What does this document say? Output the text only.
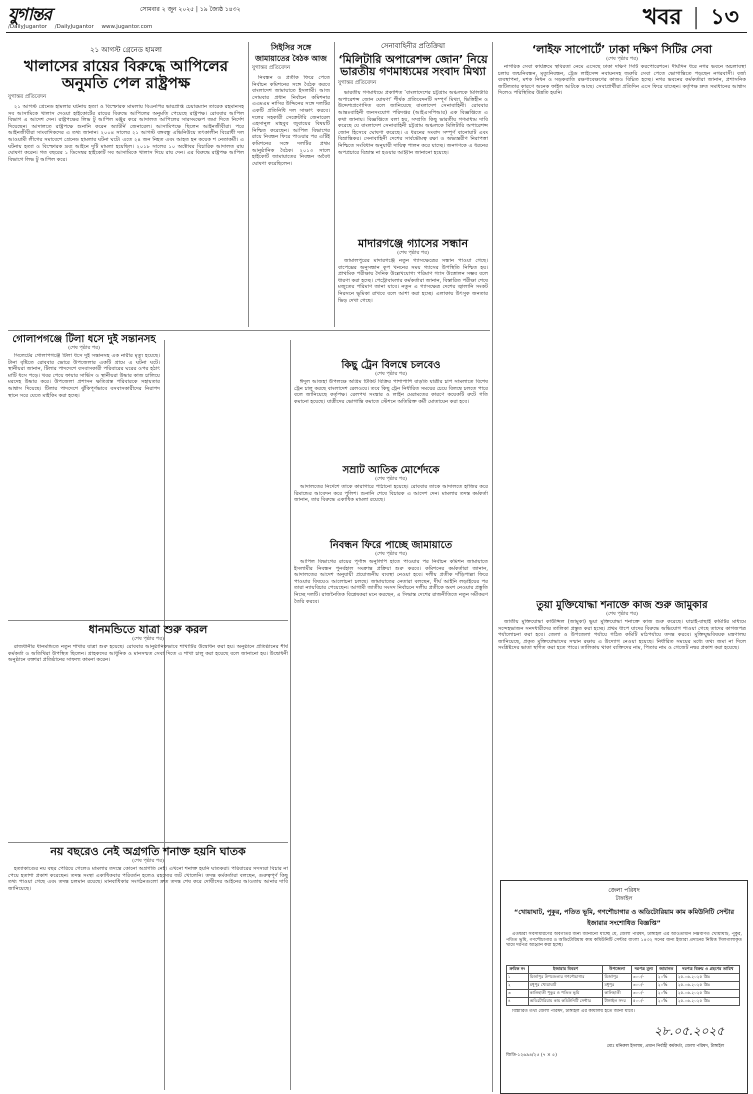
যুগান্তর	সোমবার ২ জুন ২০২৫ | ১৯ জ্যৈষ্ঠ ১৪৩২
/DailyJugantor /DailyJugantor www.jugantor.com	খবর | ১৩
২১ আগস্ট গ্রেনেড হামলা
খালাসের রায়ের বিরুদ্ধে আপিলের অনুমতি পেল রাষ্ট্রপক্ষ
যুগান্তর প্রতিবেদন

২১ আগস্ট গ্রেনেড হামলার ঘটনায় হত্যা ও বিস্ফোরক মামলায় বিএনপির ভারপ্রাপ্ত চেয়ারম্যান তারেক রহমানসহ সব আসামিকে খালাস দেওয়া হাইকোর্টের রায়ের বিরুদ্ধে আপিলের অনুমতি পেয়েছে রাষ্ট্রপক্ষ। রোববার আপিল বিভাগ এ আদেশ দেন। রাষ্ট্রপক্ষের লিভ টু আপিল মঞ্জুর করে আদালত আপিলের সারসংক্ষেপ জমা দিতে নির্দেশ দিয়েছেন। আদালতে রাষ্ট্রপক্ষে শুনানি করেন অ্যাটর্নি জেনারেল। আসামিপক্ষে ছিলেন আইনজীবীরা। পরে আইনজীবীরা সাংবাদিকদের এ তথ্য জানান। ২০০৪ সালের ২১ আগস্ট বঙ্গবন্ধু এভিনিউয়ে তৎকালীন বিরোধী দল আওয়ামী লীগের সমাবেশে গ্রেনেড হামলার ঘটনা ঘটে। এতে ২৪ জন নিহত এবং আহত হন কয়েক শ নেতাকর্মী। এ ঘটনায় হত্যা ও বিস্ফোরক দ্রব্য আইনে দুটি মামলা হয়েছিল। ২০১৮ সালের ১০ অক্টোবর বিচারিক আদালত রায় ঘোষণা করেন। গত বছরের ১ ডিসেম্বর হাইকোর্ট সব আসামিকে খালাস দিয়ে রায় দেন। এর বিরুদ্ধে রাষ্ট্রপক্ষ আপিল বিভাগে লিভ টু আপিল করে।

সিইসির সঙ্গে
জামায়াতের বৈঠক আজ
যুগান্তর প্রতিবেদন

নিবন্ধন ও প্রতীক ফিরে পেতে নির্বাচন কমিশনের সঙ্গে বৈঠক করবে বাংলাদেশ জামায়াতে ইসলামী। আজ সোমবার প্রধান নির্বাচন কমিশনার এএমএম নাসির উদ্দিনের সঙ্গে দলটির একটি প্রতিনিধি দল সাক্ষাৎ করবে। দলের সহকারী সেক্রেটারি জেনারেল এহসানুল মাহবুব জুবায়ের বিষয়টি নিশ্চিত করেছেন। আপিল বিভাগের রায়ে নিবন্ধন ফিরে পাওয়ার পর এটিই কমিশনের সঙ্গে দলটির প্রথম আনুষ্ঠানিক বৈঠক। ২০১৩ সালে হাইকোর্ট জামায়াতের নিবন্ধন অবৈধ ঘোষণা করেছিলেন।

সেনাবাহিনীর প্রতিক্রিয়া
‘মিলিটারি অপারেশন্স জোন’ নিয়ে ভারতীয় গণমাধ্যমের সংবাদ মিথ্যা
যুগান্তর প্রতিবেদন

ভারতীয় গণমাধ্যমে প্রকাশিত ‘বাংলাদেশের চট্টগ্রাম অঞ্চলকে মিলিটারি অপারেশন্স জোন ঘোষণা’ শীর্ষক প্রতিবেদনটি সম্পূর্ণ মিথ্যা, ভিত্তিহীন ও উদ্দেশ্যপ্রণোদিত বলে জানিয়েছে বাংলাদেশ সেনাবাহিনী। রোববার আন্তঃবাহিনী জনসংযোগ পরিদপ্তর (আইএসপিআর) এক বিজ্ঞপ্তিতে এ কথা জানায়। বিজ্ঞপ্তিতে বলা হয়, সম্প্রতি কিছু ভারতীয় গণমাধ্যম দাবি করেছে যে বাংলাদেশ সেনাবাহিনী চট্টগ্রাম অঞ্চলকে মিলিটারি অপারেশন্স জোন হিসেবে ঘোষণা করেছে। এ ধরনের সংবাদ সম্পূর্ণ বানোয়াট এবং বিভ্রান্তিকর। সেনাবাহিনী দেশের সার্বভৌমত্ব রক্ষা ও অভ্যন্তরীণ নিরাপত্তা নিশ্চিতে সংবিধান অনুযায়ী দায়িত্ব পালন করে যাচ্ছে। জনগণকে এ ধরনের অপপ্রচারে বিভ্রান্ত না হওয়ার আহ্বান জানানো হয়েছে।

‘লাইফ সাপোর্টে’ ঢাকা দক্ষিণ সিটির সেবা
(শেষ পৃষ্ঠার পর)

নাগরিক সেবা কার্যক্রমে স্থবিরতা নেমে এসেছে ঢাকা দক্ষিণ সিটি করপোরেশনে। দীর্ঘদিন ধরে নগর ভবনে অচলাবস্থা চলায় জন্মনিবন্ধন, মৃত্যুনিবন্ধন, ট্রেড লাইসেন্স নবায়নসহ জরুরি সেবা পেতে ভোগান্তিতে পড়ছেন নগরবাসী। বর্জ্য ব্যবস্থাপনা, মশক নিধন ও সড়কবাতি রক্ষণাবেক্ষণের কাজও বিঘ্নিত হচ্ছে। নগর ভবনের কর্মকর্তারা জানান, প্রশাসনিক জটিলতার কারণে অনেক ফাইল আটকে আছে। সেবাপ্রার্থীরা প্রতিদিন এসে ফিরে যাচ্ছেন। কর্তৃপক্ষ দ্রুত সমাধানের আশ্বাস দিলেও পরিস্থিতির উন্নতি হয়নি।

গোলাপগঞ্জে টিলা ধসে দুই সন্তানসহ
(শেষ পৃষ্ঠার পর)

সিলেটের গোলাপগঞ্জে টিলা ধসে দুই সন্তানসহ এক নারীর মৃত্যু হয়েছে। টানা বৃষ্টিতে রোববার ভোরে উপজেলার একটি গ্রামে এ ঘটনা ঘটে। স্থানীয়রা জানান, টিলার পাদদেশে বসবাসকারী পরিবারের ঘরের ওপর হঠাৎ মাটি ধসে পড়ে। খবর পেয়ে ফায়ার সার্ভিস ও স্থানীয়রা উদ্ধার কাজ চালিয়ে মরদেহ উদ্ধার করে। উপজেলা প্রশাসন ক্ষতিগ্রস্ত পরিবারকে সহায়তার আশ্বাস দিয়েছে। টিলার পাদদেশে ঝুঁকিপূর্ণভাবে বসবাসকারীদের নিরাপদ স্থানে সরে যেতে মাইকিং করা হচ্ছে।

মাদারগঞ্জে গ্যাসের সন্ধান
(শেষ পৃষ্ঠার পর)

জামালপুরের মাদারগঞ্জে নতুন গ্যাসক্ষেত্রের সন্ধান পাওয়া গেছে। বাপেক্সের অনুসন্ধান কূপ খননের সময় গ্যাসের উপস্থিতি নিশ্চিত হয়। প্রাথমিক পরীক্ষায় দৈনিক উল্লেখযোগ্য পরিমাণ গ্যাস উত্তোলন সম্ভব বলে ধারণা করা হচ্ছে। পেট্রোবাংলার কর্মকর্তারা জানান, বিস্তারিত পরীক্ষা শেষে মজুতের পরিমাণ জানা যাবে। নতুন এ গ্যাসক্ষেত্র দেশের জ্বালানি সংকট নিরসনে ভূমিকা রাখবে বলে আশা করা হচ্ছে। এলাকায় উৎসুক জনতার ভিড় দেখা গেছে।

কিছু ট্রেন বিলম্বে চলবেও
(শেষ পৃষ্ঠার পর)

ঈদুল আজহা উপলক্ষে অগ্রিম টিকিট বিক্রির পাশাপাশি বাড়তি যাত্রীর চাপ সামলাতে বিশেষ ট্রেন চালু করছে বাংলাদেশ রেলওয়ে। তবে কিছু ট্রেন নির্ধারিত সময়ের চেয়ে বিলম্বে চলতে পারে বলে জানিয়েছে কর্তৃপক্ষ। রেলপথ সংস্কার ও লাইন মেরামতের কারণে কয়েকটি রুটে গতি কমানো হয়েছে। যাত্রীদের ভোগান্তি কমাতে স্টেশনে অতিরিক্ত কর্মী মোতায়েন করা হবে।

সম্রাট আতিক মোর্শেদকে
(শেষ পৃষ্ঠার পর)

আদালতের নির্দেশে তাকে কারাগারে পাঠানো হয়েছে। রোববার তাকে আদালতে হাজির করে রিমান্ডের আবেদন করে পুলিশ। শুনানি শেষে বিচারক এ আদেশ দেন। মামলার তদন্ত কর্মকর্তা জানান, তার বিরুদ্ধে একাধিক মামলা রয়েছে।

নিবন্ধন ফিরে পাচ্ছে জামায়াতে
(শেষ পৃষ্ঠার পর)

আপিল বিভাগের রায়ের পূর্ণাঙ্গ অনুলিপি হাতে পাওয়ার পর নির্বাচন কমিশন জামায়াতে ইসলামীর নিবন্ধন পুনর্বহাল সংক্রান্ত প্রক্রিয়া শুরু করবে। কমিশনের কর্মকর্তারা জানান, আদালতের আদেশ অনুযায়ী প্রয়োজনীয় ব্যবস্থা নেওয়া হবে। দলীয় প্রতীক দাঁড়িপাল্লা ফিরে পাওয়ার বিষয়েও আলোচনা চলছে। জামায়াতের নেতারা বলছেন, দীর্ঘ আইনি লড়াইয়ের পর তারা ন্যায়বিচার পেয়েছেন। আগামী জাতীয় সংসদ নির্বাচনে দলীয় প্রতীকে অংশ নেওয়ার প্রস্তুতি নিচ্ছে দলটি। রাজনৈতিক বিশ্লেষকরা মনে করছেন, এ সিদ্ধান্ত দেশের রাজনীতিতে নতুন সমীকরণ তৈরি করবে।	তুয়া মুক্তিযোদ্ধা শনাক্তে কাজ শুরু জামুকার
(শেষ পৃষ্ঠার পর)

জাতীয় মুক্তিযোদ্ধা কাউন্সিল (জামুকা) ভুয়া মুক্তিযোদ্ধা শনাক্তে কাজ শুরু করেছে। যাচাই-বাছাই কমিটির মাধ্যমে সন্দেহভাজন সনদধারীদের তালিকা প্রস্তুত করা হচ্ছে। প্রথম ধাপে যাদের বিরুদ্ধে অভিযোগ পাওয়া গেছে তাদের কাগজপত্র পর্যালোচনা করা হবে। জেলা ও উপজেলা পর্যায়ে গঠিত কমিটি মাঠপর্যায়ে তদন্ত করবে। মুক্তিযুদ্ধবিষয়ক মন্ত্রণালয় জানিয়েছে, প্রকৃত মুক্তিযোদ্ধাদের সম্মান রক্ষায় এ উদ্যোগ নেওয়া হয়েছে। নির্ধারিত সময়ের মধ্যে তথ্য জমা না দিলে সংশ্লিষ্টদের ভাতা স্থগিত করা হতে পারে। তালিকায় থাকা ব্যক্তিদের নাম, পিতার নাম ও গেজেট নম্বর প্রকাশ করা হয়েছে।

ধানমন্ডিতে যাত্রা শুরু করল
(শেষ পৃষ্ঠার পর)

রাজধানীর ধানমন্ডিতে নতুন শাখার যাত্রা শুরু হয়েছে। রোববার আনুষ্ঠানিকভাবে শাখাটির উদ্বোধন করা হয়। অনুষ্ঠানে প্রতিষ্ঠানের শীর্ষ কর্মকর্তা ও অতিথিরা উপস্থিত ছিলেন। গ্রাহকদের আধুনিক ও মানসম্মত সেবা দিতে এ শাখা চালু করা হয়েছে বলে জানানো হয়। উদ্বোধনী অনুষ্ঠানে বক্তারা প্রতিষ্ঠানের সাফল্য কামনা করেন।

নয় বছরেও নেই অগ্রগতি শনাক্ত হয়নি ঘাতক
(শেষ পৃষ্ঠার পর)

হত্যাকাণ্ডের নয় বছর পেরিয়ে গেলেও মামলার তদন্তে কোনো অগ্রগতি নেই। এখনো শনাক্ত হয়নি ঘাতকরা। পরিবারের সদস্যরা বিচার না পেয়ে হতাশা প্রকাশ করেছেন। তদন্ত সংস্থা একাধিকবার পরিবর্তন হলেও রহস্যের জট খোলেনি। তদন্ত কর্মকর্তারা বলছেন, গুরুত্বপূর্ণ কিছু তথ্য পাওয়া গেছে এবং তদন্ত চলমান রয়েছে। মানবাধিকার সংগঠনগুলো দ্রুত তদন্ত শেষ করে দোষীদের আইনের আওতায় আনার দাবি জানিয়েছে।	জেলা পরিষদ
টাঙ্গাইল
“খোয়াঘাট, পুকুর, পতিত ভূমি, গণশৌচাগার ও অডিটোরিয়াম কাম কমিউনিটি সেন্টার ইজারার সংশোধিত বিজ্ঞপ্তি”

এতদ্বারা সর্বসাধারণের অবগতির জন্য জানানো যাচ্ছে যে, জেলা পরিষদ, টাঙ্গাইল এর আওতাধীন নিম্নবর্ণিত খোয়াঘাট, পুকুর, পতিত ভূমি, গণশৌচাগার ও অডিটোরিয়াম কাম কমিউনিটি সেন্টার বাংলা ১৪৩২ সনের জন্য ইজারা প্রদানের নিমিত্ত সিলগালাকৃত খামে দরপত্র আহ্বান করা হচ্ছে।

ক্রমিক নং	ইজারার বিবরণ	উপজেলা	দরপত্র মূল্য	জামানত	দরপত্র বিক্রয় ও গ্রহণের তারিখ
১	মির্জাপুর উপজেলার গণশৌচাগার	মির্জাপুর	৩০০/-	২০%	২৫.০৬.২০২৫ খ্রিঃ
২	মধুপুর খোয়াঘাট	মধুপুর	৩০০/-	২০%	২৫.০৬.২০২৫ খ্রিঃ
৩	কালিহাতী পুকুর ও পতিত ভূমি	কালিহাতী	৩০০/-	২০%	২৫.০৬.২০২৫ খ্রিঃ
৪	অডিটোরিয়াম কাম কমিউনিটি সেন্টার	টাঙ্গাইল সদর	৫০০/-	২০%	২৫.০৬.২০২৫ খ্রিঃ

বিস্তারিত তথ্য জেলা পরিষদ, টাঙ্গাইল এর কার্যালয় হতে জানা যাবে।

২৮.০৫.২০২৫
মোঃ মনিরুল ইসলাম, প্রধান নির্বাহী কর্মকর্তা, জেলা পরিষদ, টাঙ্গাইল
জিডি-১২৬৯৪/২৫ (৭ × ৫)
